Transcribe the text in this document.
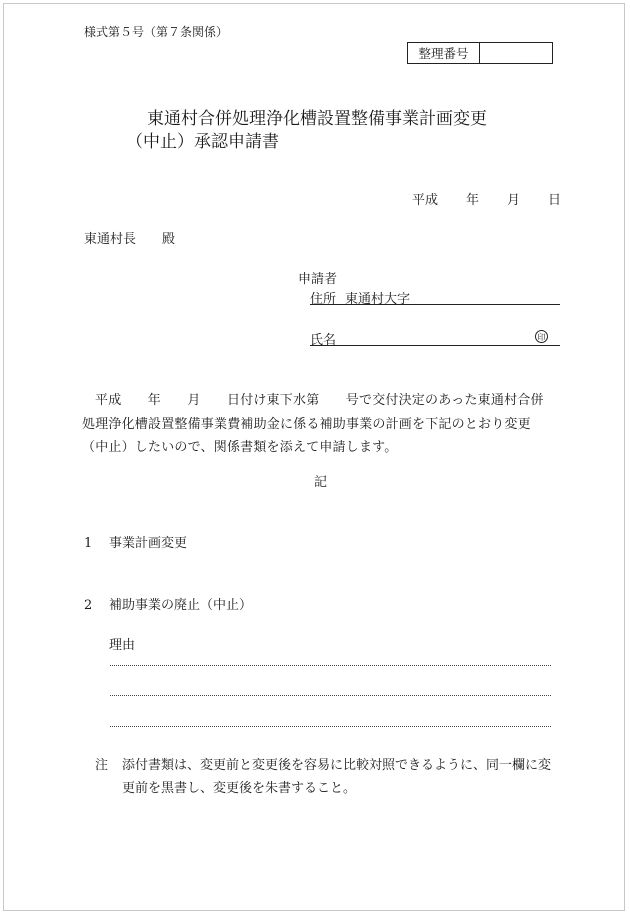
様式第５号（第７条関係）
整理番号
東通村合併処理浄化槽設置整備事業計画変更
（中止）承認申請書
平成 年 月 日
東通村長　　殿
申請者
住所 東通村大字
氏名	印
平成　　年　　月　　日付け東下水第　　号で交付決定のあった東通村合併
処理浄化槽設置整備事業費補助金に係る補助事業の計画を下記のとおり変更
（中止）したいので、関係書類を添えて申請します。
記
1 事業計画変更
2 補助事業の廃止（中止）
理由
注 添付書類は、変更前と変更後を容易に比較対照できるように、同一欄に変
更前を黒書し、変更後を朱書すること。
